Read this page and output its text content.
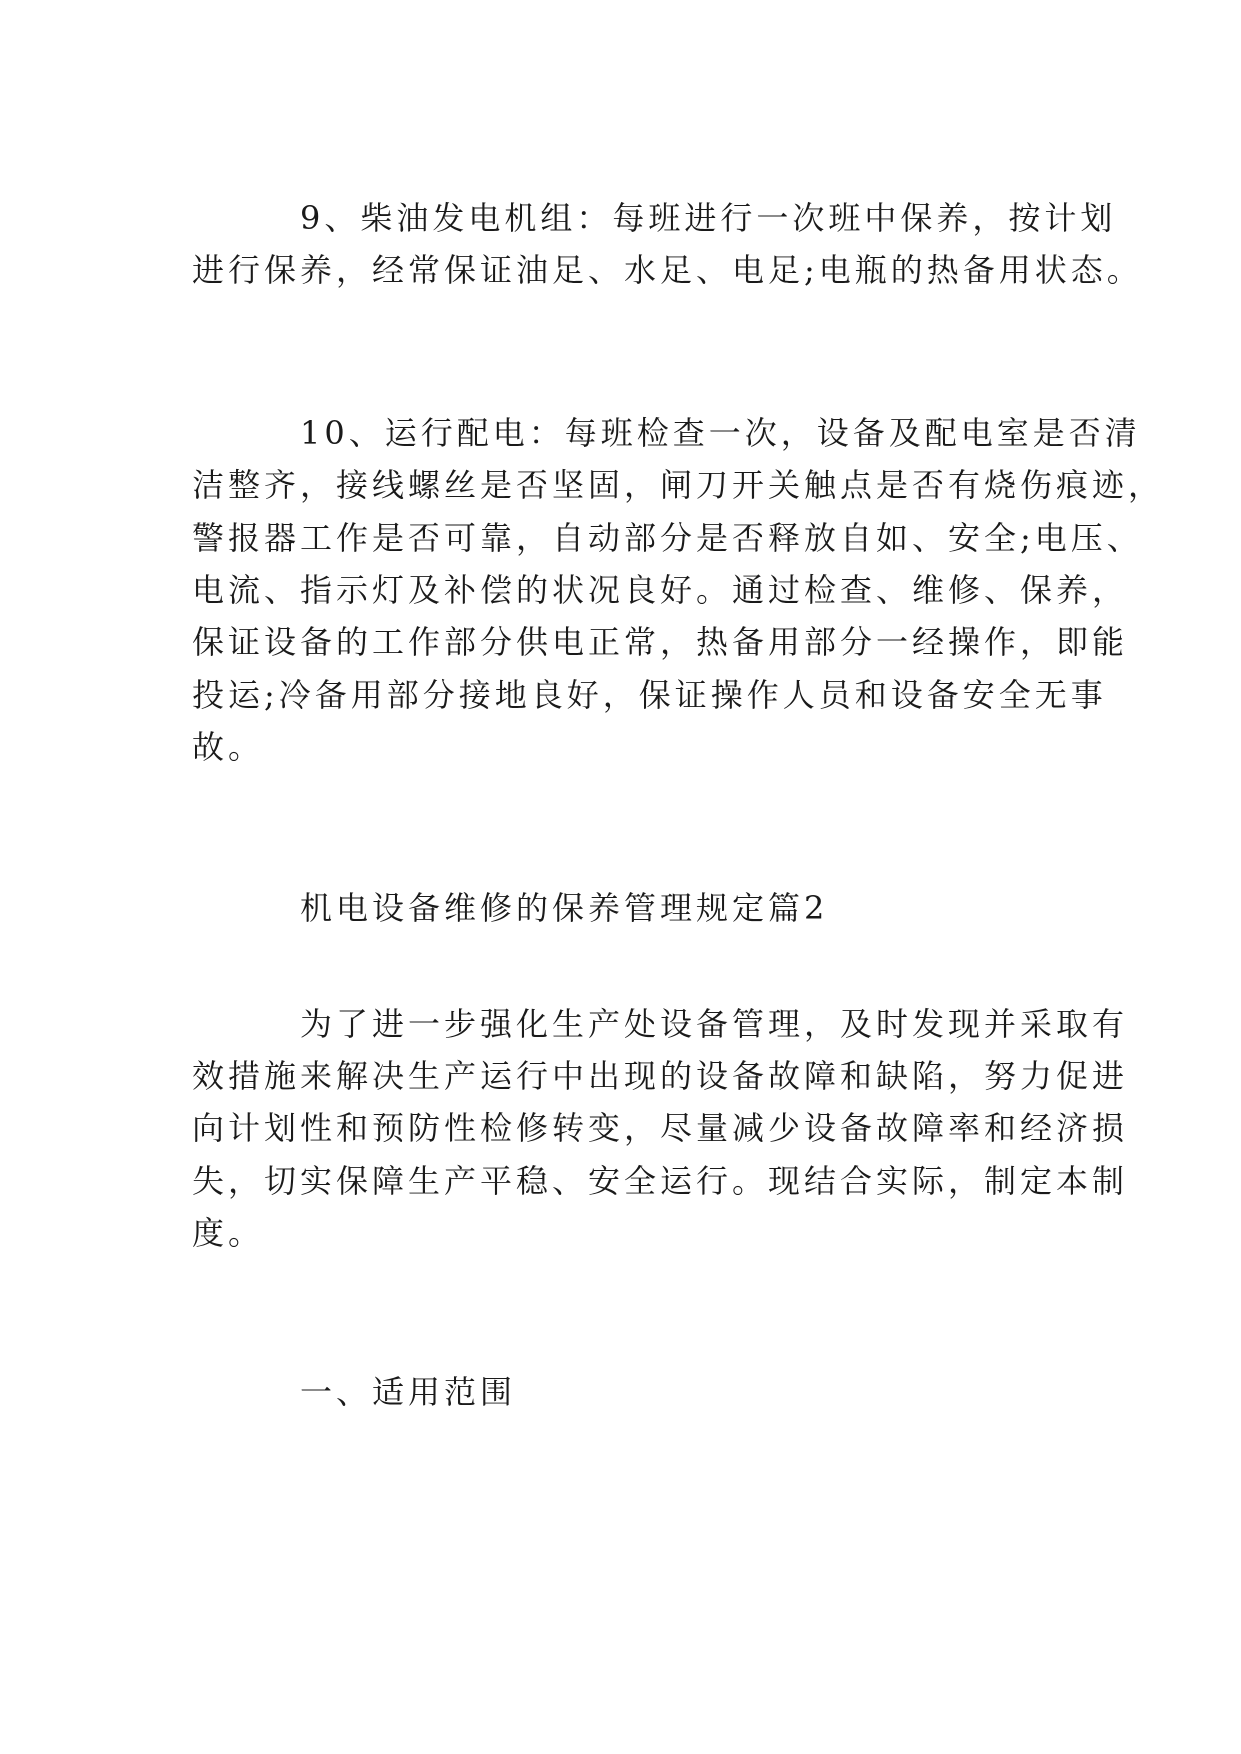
9、柴油发电机组：每班进行一次班中保养，按计划
进行保养，经常保证油足、水足、电足;电瓶的热备用状态。
10、运行配电：每班检查一次，设备及配电室是否清
洁整齐，接线螺丝是否坚固，闸刀开关触点是否有烧伤痕迹，
警报器工作是否可靠，自动部分是否释放自如、安全;电压、
电流、指示灯及补偿的状况良好。通过检查、维修、保养，
保证设备的工作部分供电正常，热备用部分一经操作，即能
投运;冷备用部分接地良好，保证操作人员和设备安全无事
故。
机电设备维修的保养管理规定篇2
为了进一步强化生产处设备管理，及时发现并采取有
效措施来解决生产运行中出现的设备故障和缺陷，努力促进
向计划性和预防性检修转变，尽量减少设备故障率和经济损
失，切实保障生产平稳、安全运行。现结合实际，制定本制
度。
一、适用范围
